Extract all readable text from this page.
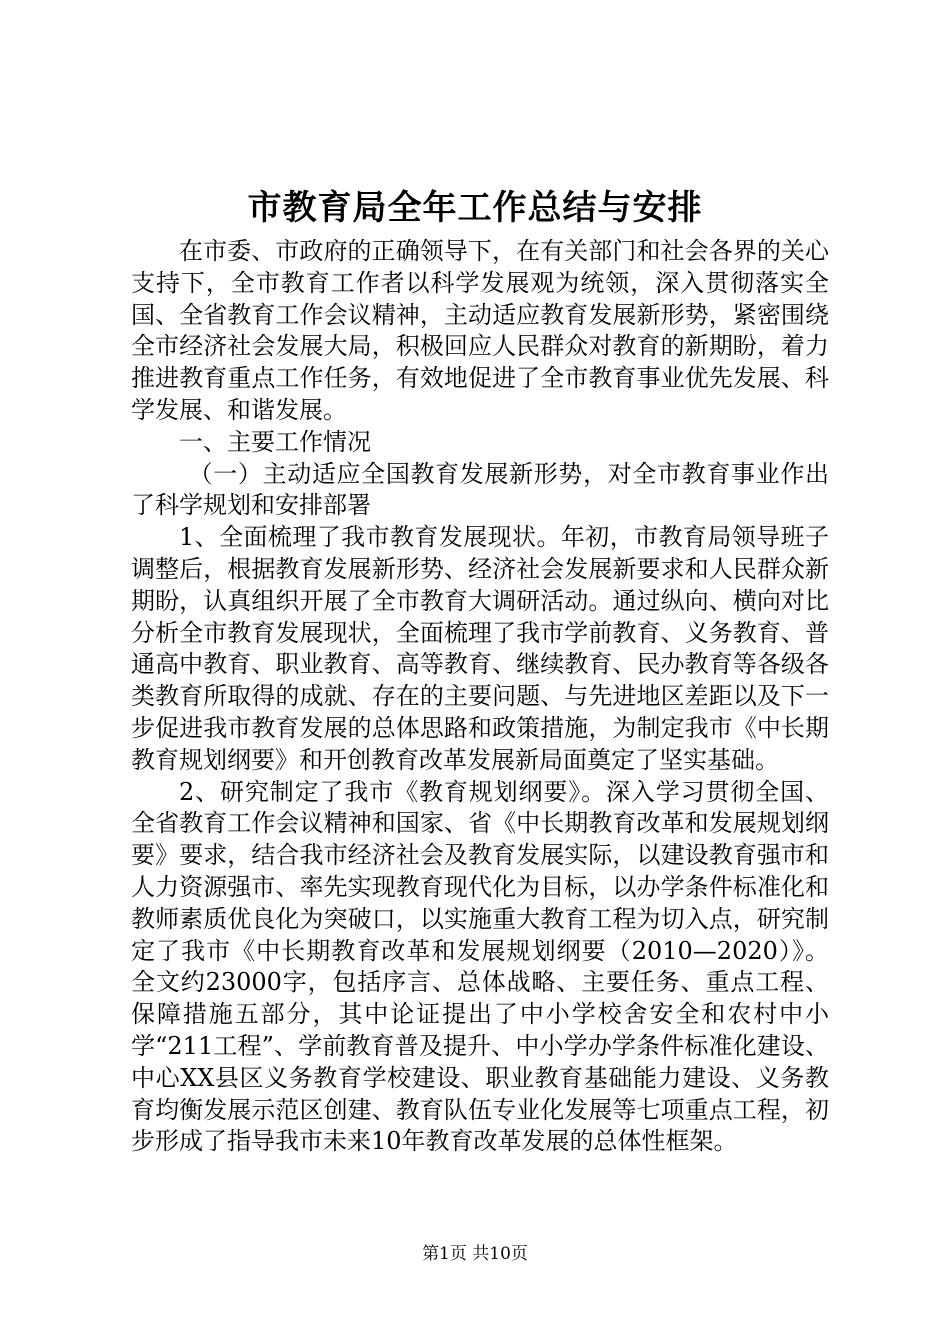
市教育局全年工作总结与安排

在市委、市政府的正确领导下，在有关部门和社会各界的关心支持下，全市教育工作者以科学发展观为统领，深入贯彻落实全国、全省教育工作会议精神，主动适应教育发展新形势，紧密围绕全市经济社会发展大局，积极回应人民群众对教育的新期盼，着力推进教育重点工作任务，有效地促进了全市教育事业优先发展、科学发展、和谐发展。

一、主要工作情况

（一）主动适应全国教育发展新形势，对全市教育事业作出了科学规划和安排部署

1、全面梳理了我市教育发展现状。年初，市教育局领导班子调整后，根据教育发展新形势、经济社会发展新要求和人民群众新期盼，认真组织开展了全市教育大调研活动。通过纵向、横向对比分析全市教育发展现状，全面梳理了我市学前教育、义务教育、普通高中教育、职业教育、高等教育、继续教育、民办教育等各级各类教育所取得的成就、存在的主要问题、与先进地区差距以及下一步促进我市教育发展的总体思路和政策措施，为制定我市《中长期教育规划纲要》和开创教育改革发展新局面奠定了坚实基础。

2、研究制定了我市《教育规划纲要》。深入学习贯彻全国、全省教育工作会议精神和国家、省《中长期教育改革和发展规划纲要》要求，结合我市经济社会及教育发展实际，以建设教育强市和人力资源强市、率先实现教育现代化为目标，以办学条件标准化和教师素质优良化为突破口，以实施重大教育工程为切入点，研究制定了我市《中长期教育改革和发展规划纲要（2010—2020）》。全文约23000字，包括序言、总体战略、主要任务、重点工程、保障措施五部分，其中论证提出了中小学校舍安全和农村中小学“211工程”、学前教育普及提升、中小学办学条件标准化建设、中心XX县区义务教育学校建设、职业教育基础能力建设、义务教育均衡发展示范区创建、教育队伍专业化发展等七项重点工程，初步形成了指导我市未来10年教育改革发展的总体性框架。

第1页 共10页
